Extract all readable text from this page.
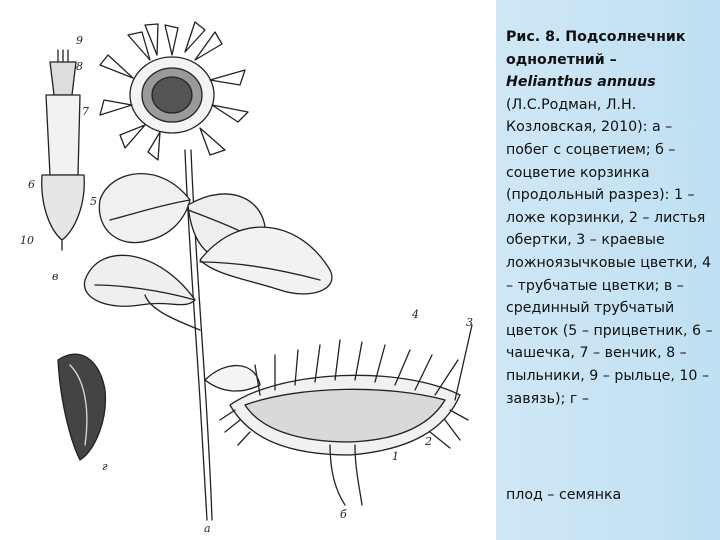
9
8
7
6
5
10
в
г
а
б
1
2
3
4
Рис. 8. Подсолнечник однолетний –
Helianthus annuus
(Л.С.Родман, Л.Н. Козловская, 2010): а – побег с соцветием; б – соцветие корзинка (продольный разрез): 1 – ложе корзинки, 2 – листья обертки, 3 – краевые ложноязычковые цветки, 4 – трубчатые цветки; в – срединный трубчатый цветок (5 – прицветник, 6 – чашечка, 7 – венчик, 8 – пыльники, 9 – рыльце, 10 – завязь); г –
плод – семянка
